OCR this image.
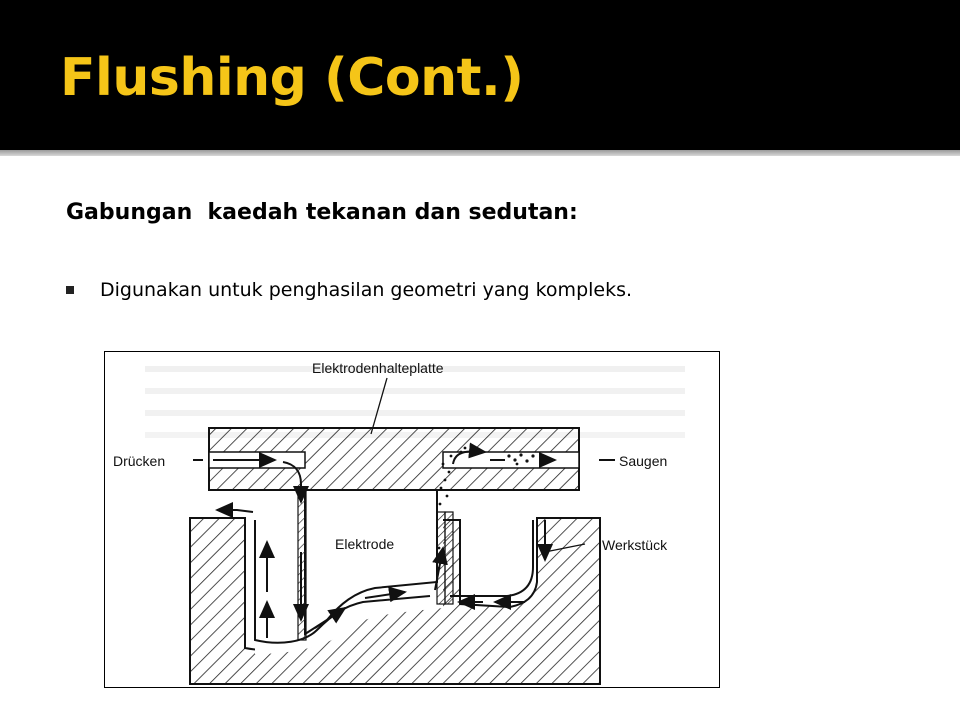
Flushing (Cont.)

Gabungan  kaedah tekanan dan sedutan:

Digunakan untuk penghasilan geometri yang kompleks.
Elektrodenhalteplatte
Drücken	Saugen
Elektrode	Werkstück
